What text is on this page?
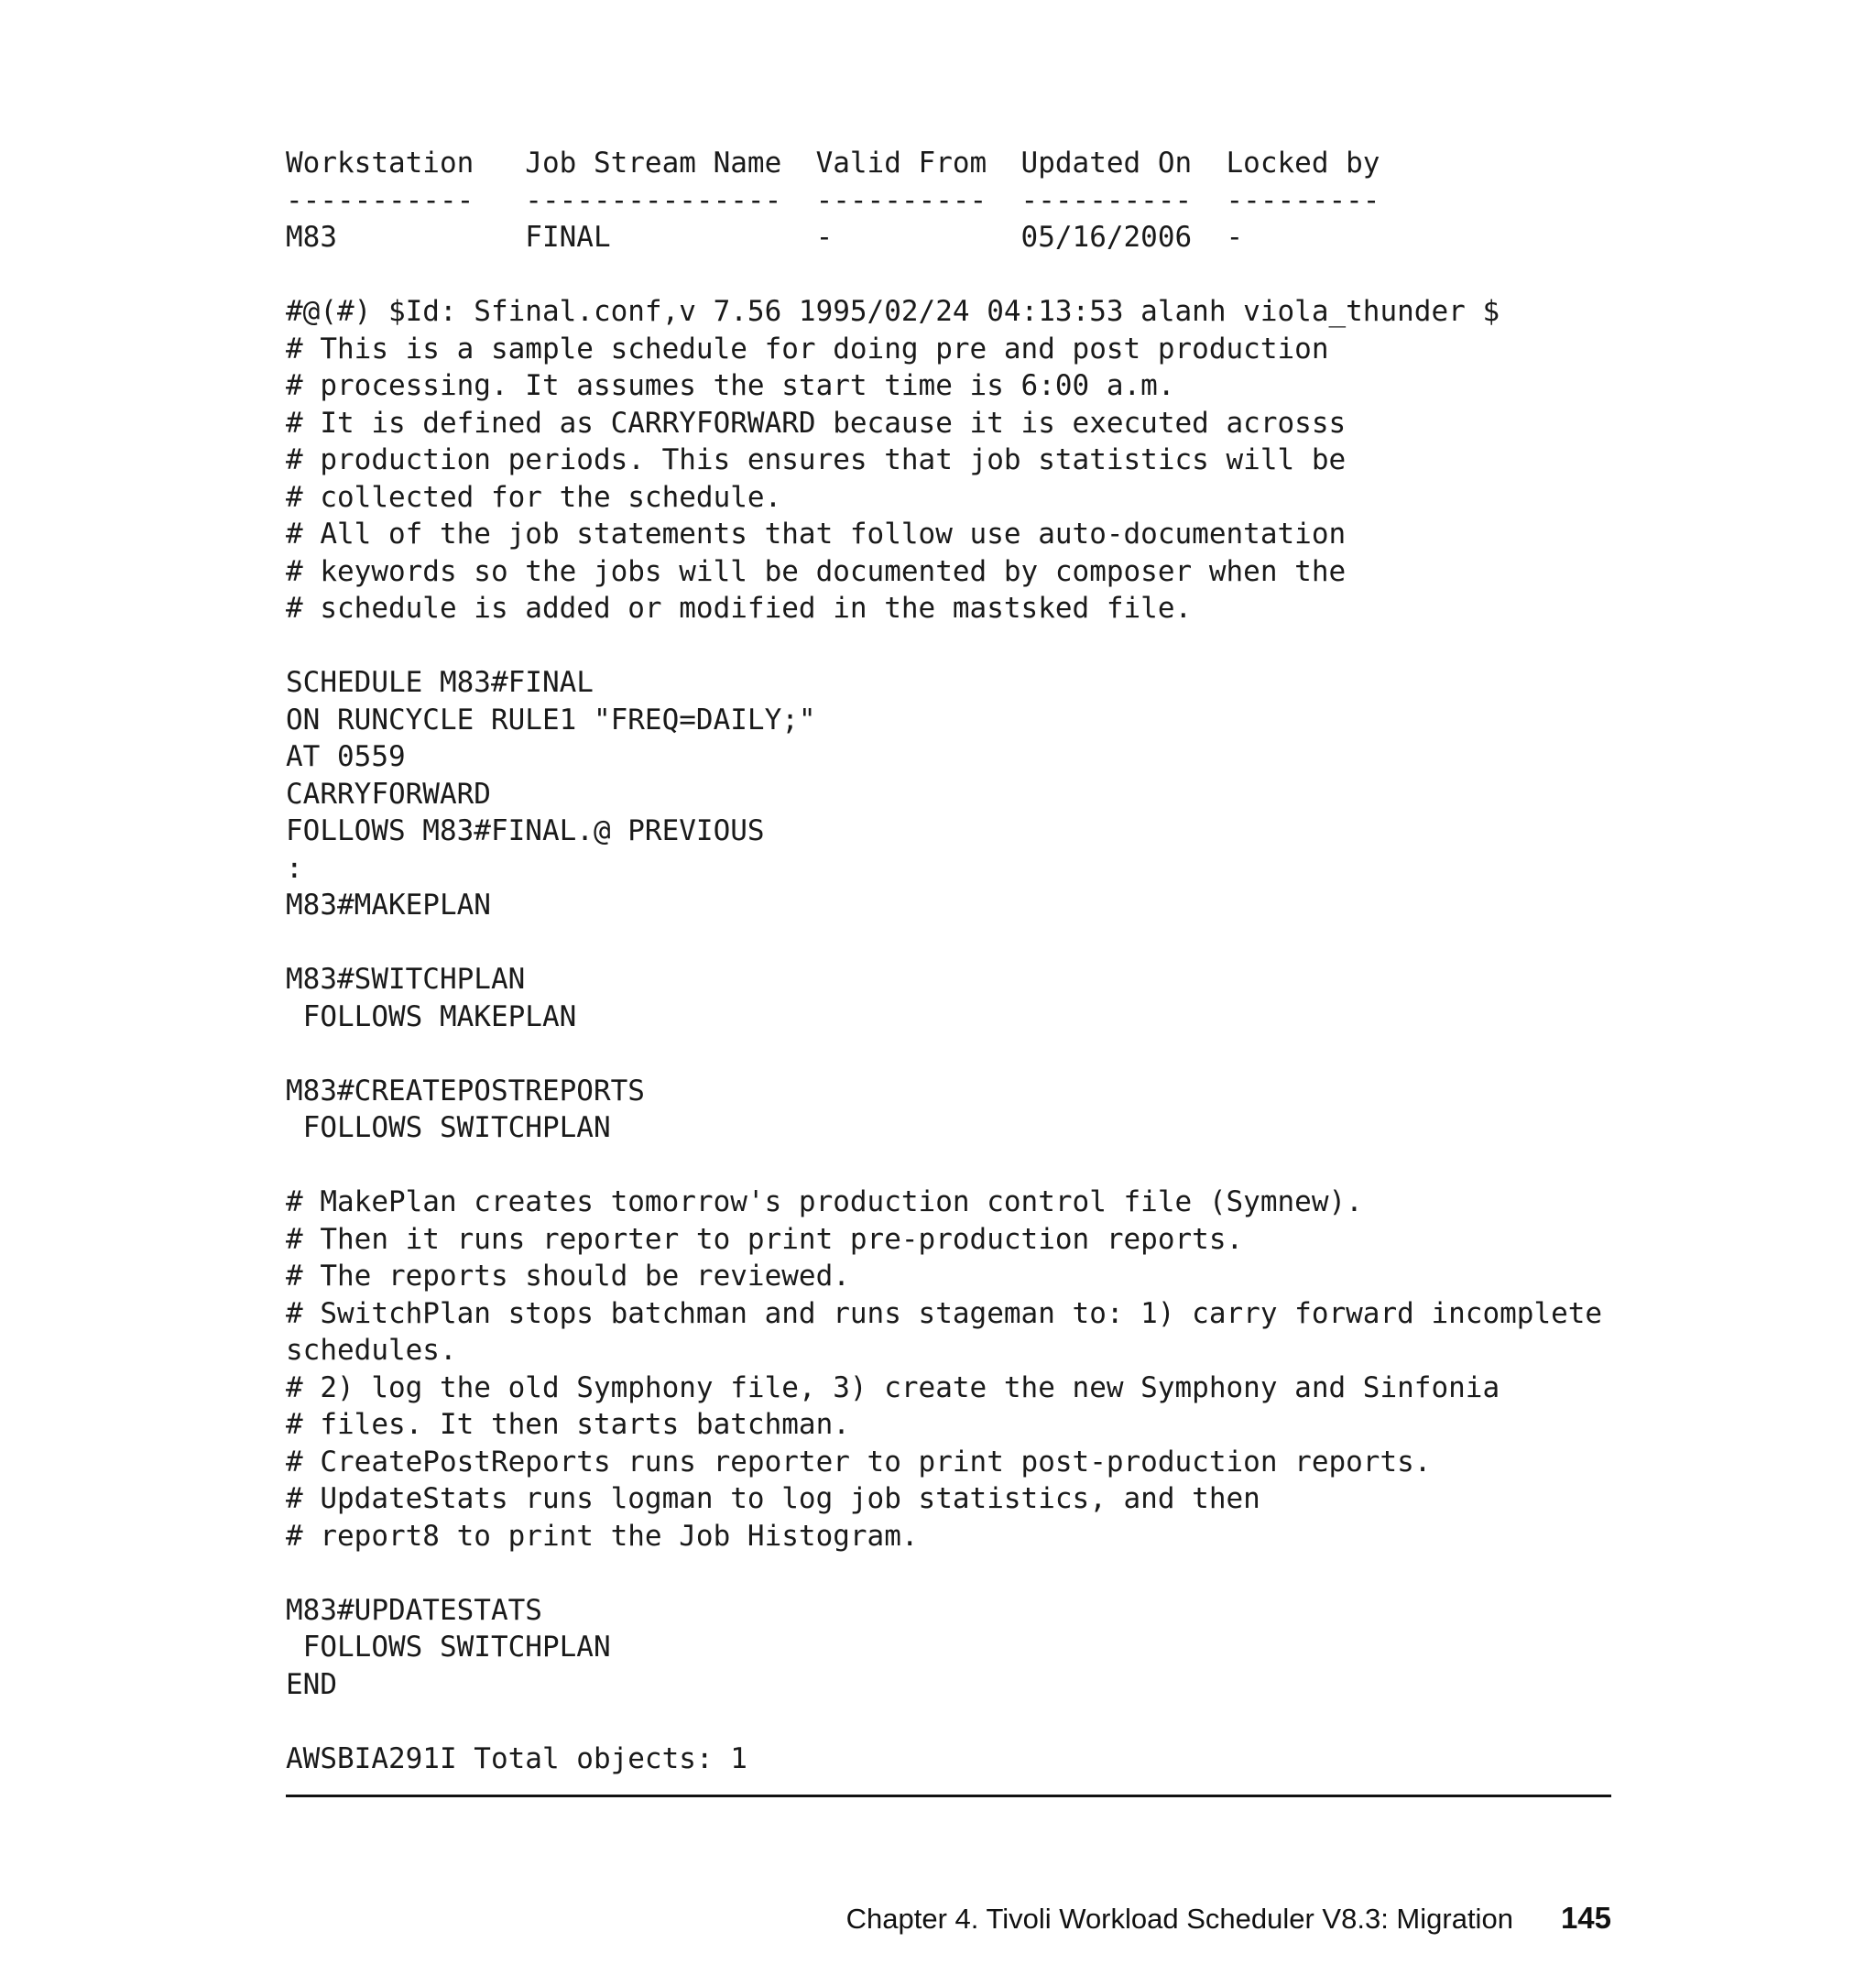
Workstation   Job Stream Name  Valid From  Updated On  Locked by
-----------   ---------------  ----------  ----------  ---------
M83           FINAL            -           05/16/2006  -
#@(#) $Id: Sfinal.conf,v 7.56 1995/02/24 04:13:53 alanh viola_thunder $
# This is a sample schedule for doing pre and post production
# processing. It assumes the start time is 6:00 a.m.
# It is defined as CARRYFORWARD because it is executed acrosss
# production periods. This ensures that job statistics will be
# collected for the schedule.
# All of the job statements that follow use auto-documentation
# keywords so the jobs will be documented by composer when the
# schedule is added or modified in the mastsked file.
SCHEDULE M83#FINAL
ON RUNCYCLE RULE1 "FREQ=DAILY;"
AT 0559
CARRYFORWARD
FOLLOWS M83#FINAL.@ PREVIOUS
:
M83#MAKEPLAN
M83#SWITCHPLAN
FOLLOWS MAKEPLAN
M83#CREATEPOSTREPORTS
FOLLOWS SWITCHPLAN
# MakePlan creates tomorrow's production control file (Symnew).
# Then it runs reporter to print pre-production reports.
# The reports should be reviewed.
# SwitchPlan stops batchman and runs stageman to: 1) carry forward incomplete
schedules.
# 2) log the old Symphony file, 3) create the new Symphony and Sinfonia
# files. It then starts batchman.
# CreatePostReports runs reporter to print post-production reports.
# UpdateStats runs logman to log job statistics, and then
# report8 to print the Job Histogram.
M83#UPDATESTATS
FOLLOWS SWITCHPLAN
END
AWSBIA291I Total objects: 1
Chapter 4. Tivoli Workload Scheduler V8.3: Migration 145
